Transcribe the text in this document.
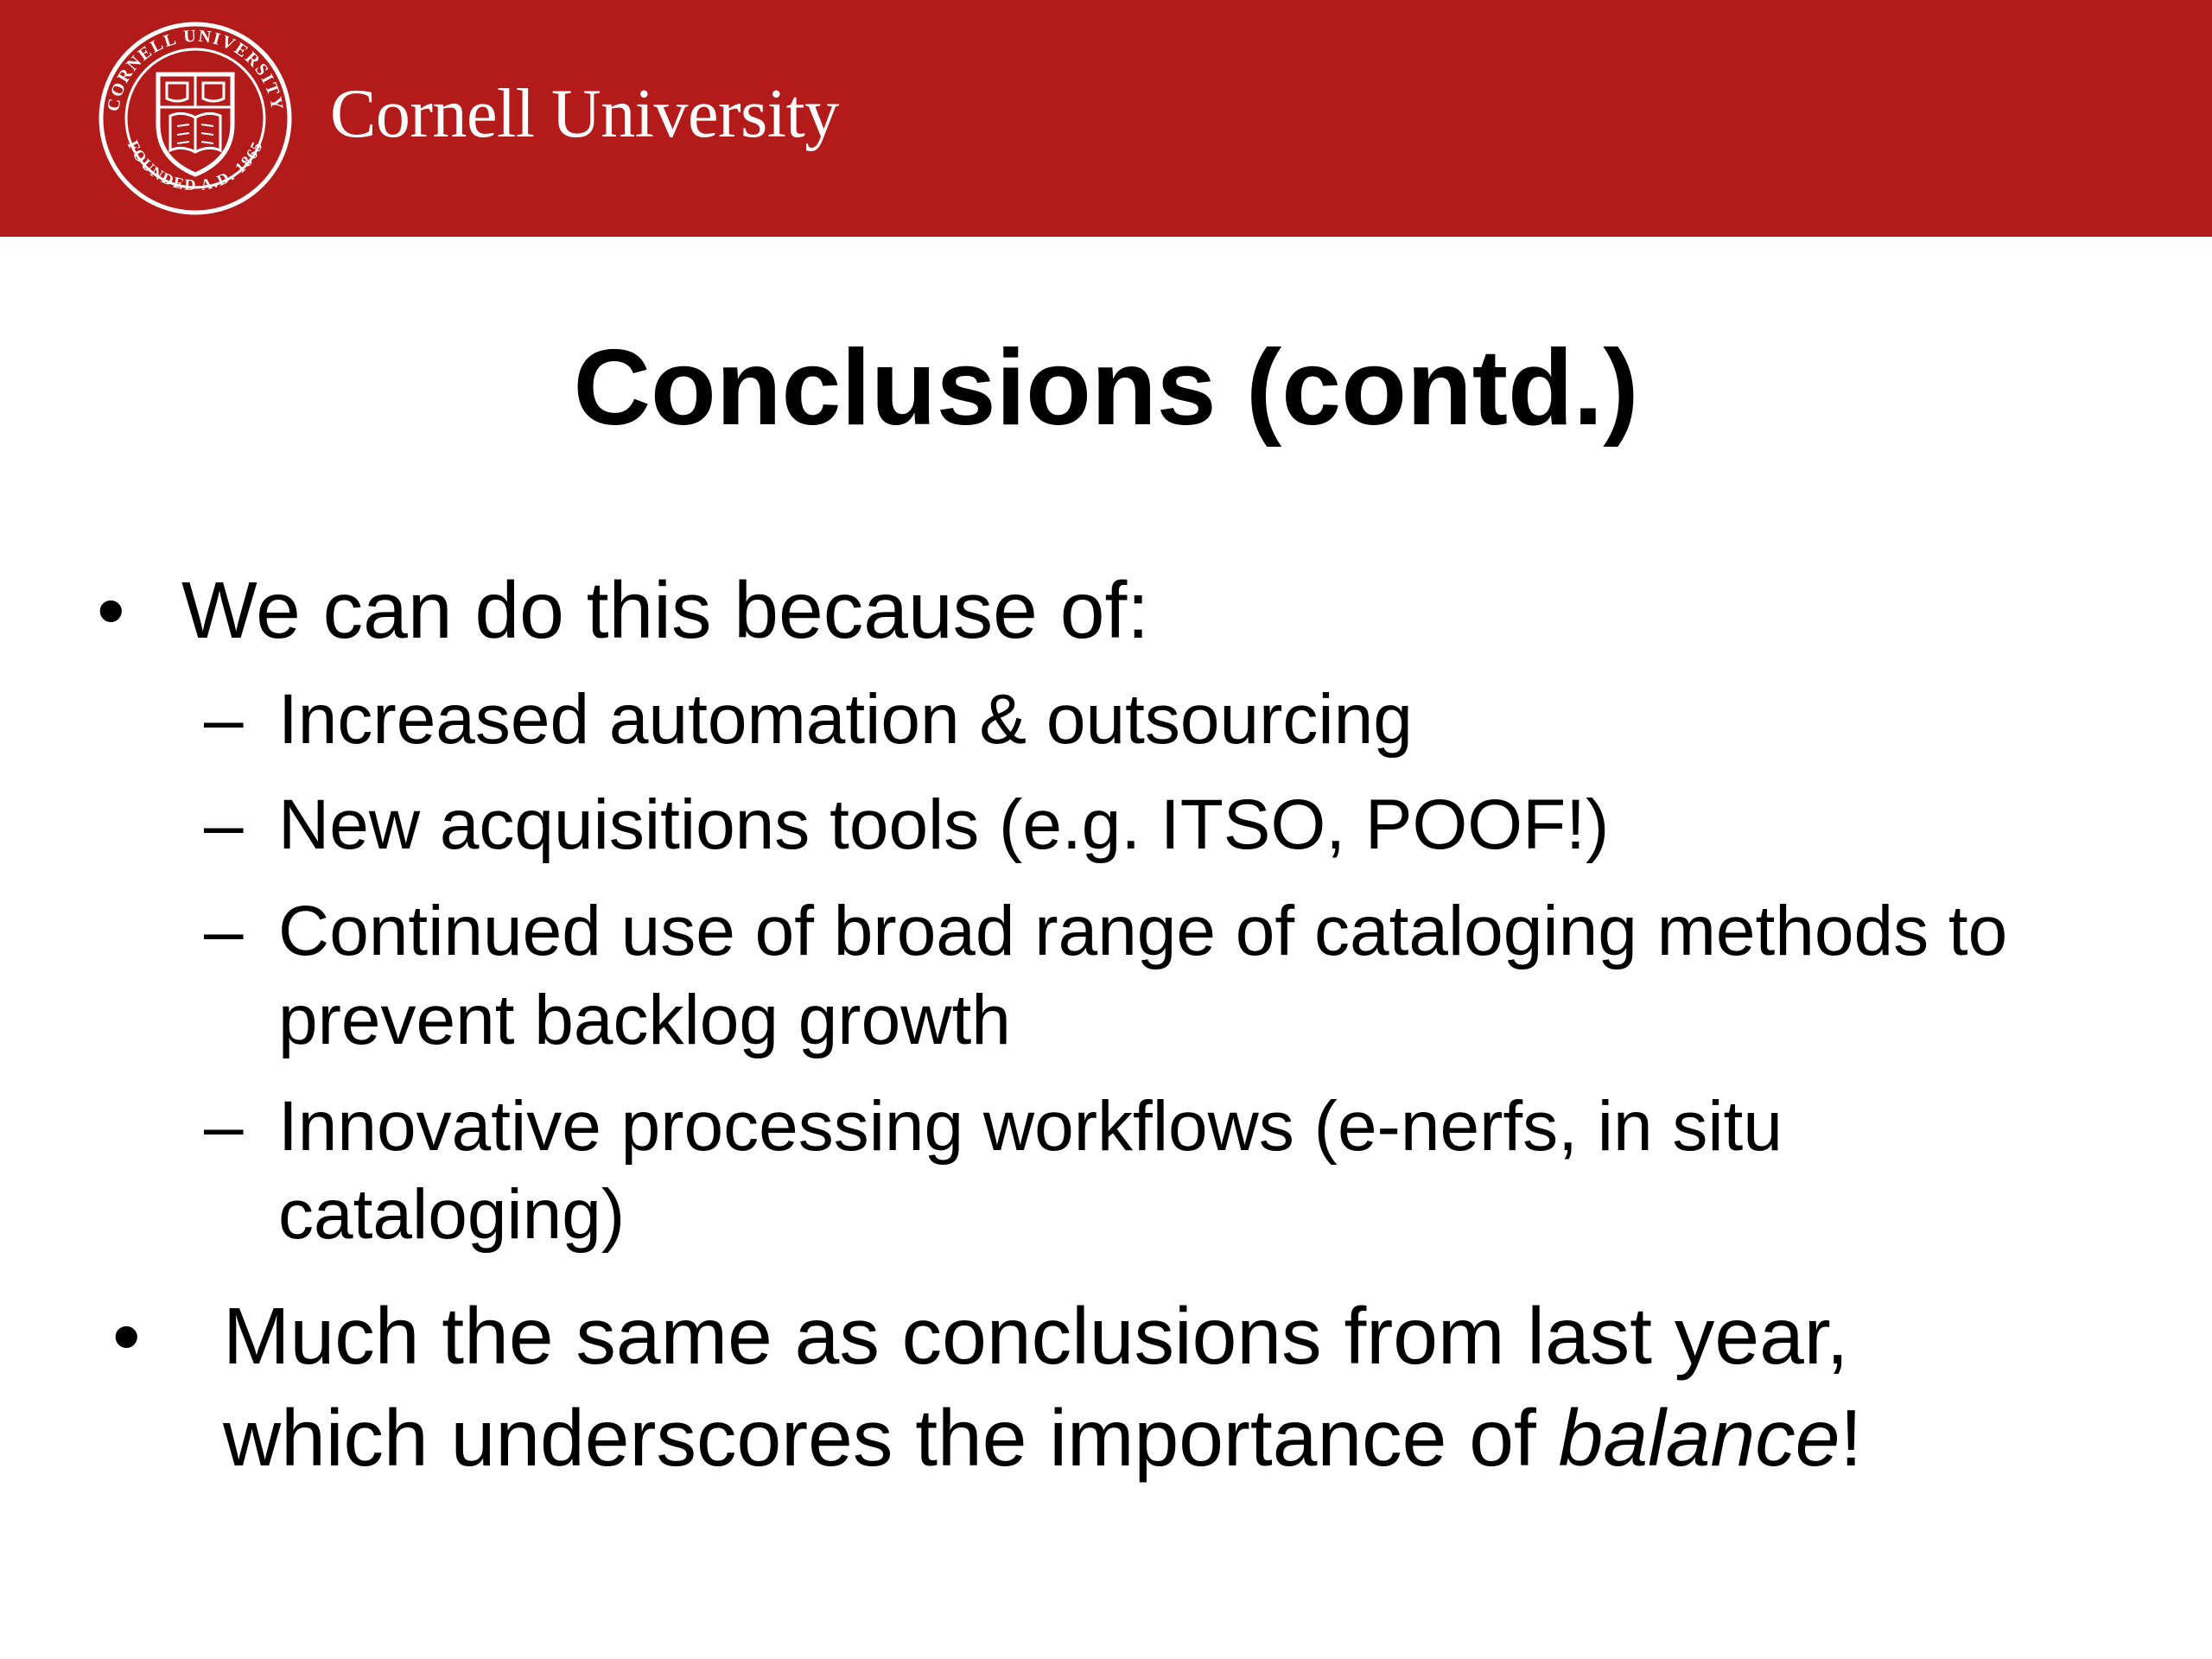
CORNELL UNIVERSITY
FOUNDED A.D. 1865 Cornell University
Conclusions (contd.)
• We can do this because of:
– Increased automation & outsourcing
– New acquisitions tools (e.g. ITSO, POOF!)
– Continued use of broad range of cataloging methods to
prevent backlog growth
– Innovative processing workflows (e-nerfs, in situ
cataloging)
• Much the same as conclusions from last year,
which underscores the importance of balance!
